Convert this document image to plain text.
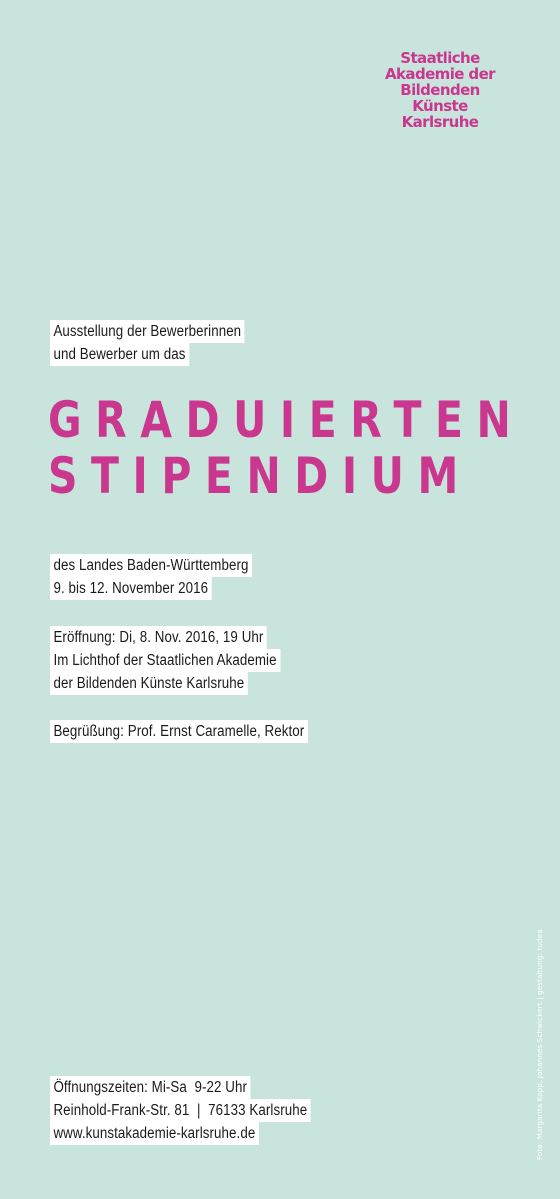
Staatliche
Akademie der
Bildenden
Künste
Karlsruhe
Ausstellung der Bewerberinnen
und Bewerber um das
GRADUIERTEN
STIPENDIUM
des Landes Baden-Württemberg
9. bis 12. November 2016
Eröffnung: Di, 8. Nov. 2016, 19 Uhr
Im Lichthof der Staatlichen Akademie
der Bildenden Künste Karlsruhe
Begrüßung: Prof. Ernst Caramelle, Rektor
Öffnungszeiten: Mi-Sa  9-22 Uhr
Reinhold-Frank-Str. 81  |  76133 Karlsruhe
www.kunstakademie-karlsruhe.de	Foto: Margarita Kopp, Johannes Schwickert | gestaltung: tudea
